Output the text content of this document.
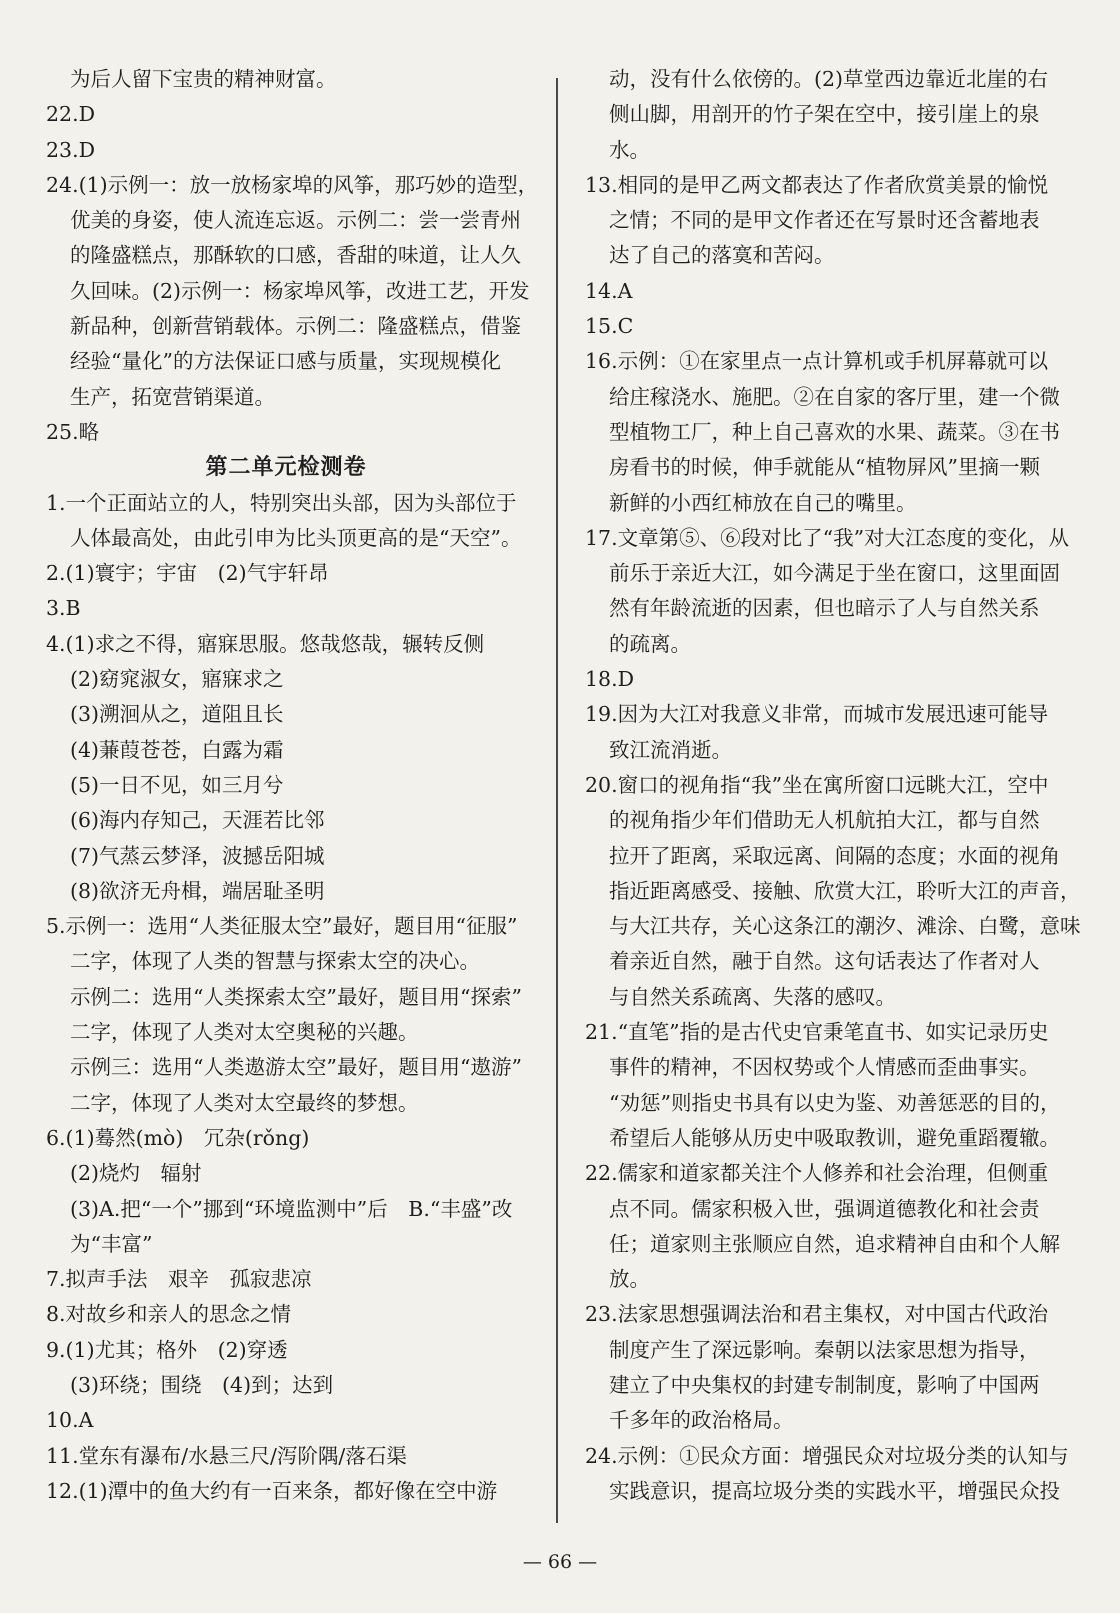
为后人留下宝贵的精神财富。
22.D
23.D
24.(1)示例一：放一放杨家埠的风筝，那巧妙的造型，
优美的身姿，使人流连忘返。示例二：尝一尝青州
的隆盛糕点，那酥软的口感，香甜的味道，让人久
久回味。(2)示例一：杨家埠风筝，改进工艺，开发
新品种，创新营销载体。示例二：隆盛糕点，借鉴
经验“量化”的方法保证口感与质量，实现规模化
生产，拓宽营销渠道。
25.略
第二单元检测卷
1.一个正面站立的人，特别突出头部，因为头部位于
人体最高处，由此引申为比头顶更高的是“天空”。
2.(1)寰宇；宇宙　(2)气宇轩昂
3.B
4.(1)求之不得，寤寐思服。悠哉悠哉，辗转反侧
(2)窈窕淑女，寤寐求之
(3)溯洄从之，道阻且长
(4)蒹葭苍苍，白露为霜
(5)一日不见，如三月兮
(6)海内存知己，天涯若比邻
(7)气蒸云梦泽，波撼岳阳城
(8)欲济无舟楫，端居耻圣明
5.示例一：选用“人类征服太空”最好，题目用“征服”
二字，体现了人类的智慧与探索太空的决心。
示例二：选用“人类探索太空”最好，题目用“探索”
二字，体现了人类对太空奥秘的兴趣。
示例三：选用“人类遨游太空”最好，题目用“遨游”
二字，体现了人类对太空最终的梦想。
6.(1)蓦然(mò)　冗杂(rǒng)
(2)烧灼　辐射
(3)A.把“一个”挪到“环境监测中”后　B.“丰盛”改
为“丰富”
7.拟声手法　艰辛　孤寂悲凉
8.对故乡和亲人的思念之情
9.(1)尤其；格外　(2)穿透
(3)环绕；围绕　(4)到；达到
10.A
11.堂东有瀑布/水悬三尺/泻阶隅/落石渠
12.(1)潭中的鱼大约有一百来条，都好像在空中游
动，没有什么依傍的。(2)草堂西边靠近北崖的右
侧山脚，用剖开的竹子架在空中，接引崖上的泉
水。
13.相同的是甲乙两文都表达了作者欣赏美景的愉悦
之情；不同的是甲文作者还在写景时还含蓄地表
达了自己的落寞和苦闷。
14.A
15.C
16.示例：①在家里点一点计算机或手机屏幕就可以
给庄稼浇水、施肥。②在自家的客厅里，建一个微
型植物工厂，种上自己喜欢的水果、蔬菜。③在书
房看书的时候，伸手就能从“植物屏风”里摘一颗
新鲜的小西红柿放在自己的嘴里。
17.文章第⑤、⑥段对比了“我”对大江态度的变化，从
前乐于亲近大江，如今满足于坐在窗口，这里面固
然有年龄流逝的因素，但也暗示了人与自然关系
的疏离。
18.D
19.因为大江对我意义非常，而城市发展迅速可能导
致江流消逝。
20.窗口的视角指“我”坐在寓所窗口远眺大江，空中
的视角指少年们借助无人机航拍大江，都与自然
拉开了距离，采取远离、间隔的态度；水面的视角
指近距离感受、接触、欣赏大江，聆听大江的声音，
与大江共存，关心这条江的潮汐、滩涂、白鹭，意味
着亲近自然，融于自然。这句话表达了作者对人
与自然关系疏离、失落的感叹。
21.“直笔”指的是古代史官秉笔直书、如实记录历史
事件的精神，不因权势或个人情感而歪曲事实。
“劝惩”则指史书具有以史为鉴、劝善惩恶的目的，
希望后人能够从历史中吸取教训，避免重蹈覆辙。
22.儒家和道家都关注个人修养和社会治理，但侧重
点不同。儒家积极入世，强调道德教化和社会责
任；道家则主张顺应自然，追求精神自由和个人解
放。
23.法家思想强调法治和君主集权，对中国古代政治
制度产生了深远影响。秦朝以法家思想为指导，
建立了中央集权的封建专制制度，影响了中国两
千多年的政治格局。
24.示例：①民众方面：增强民众对垃圾分类的认知与
实践意识，提高垃圾分类的实践水平，增强民众投
— 66 —
